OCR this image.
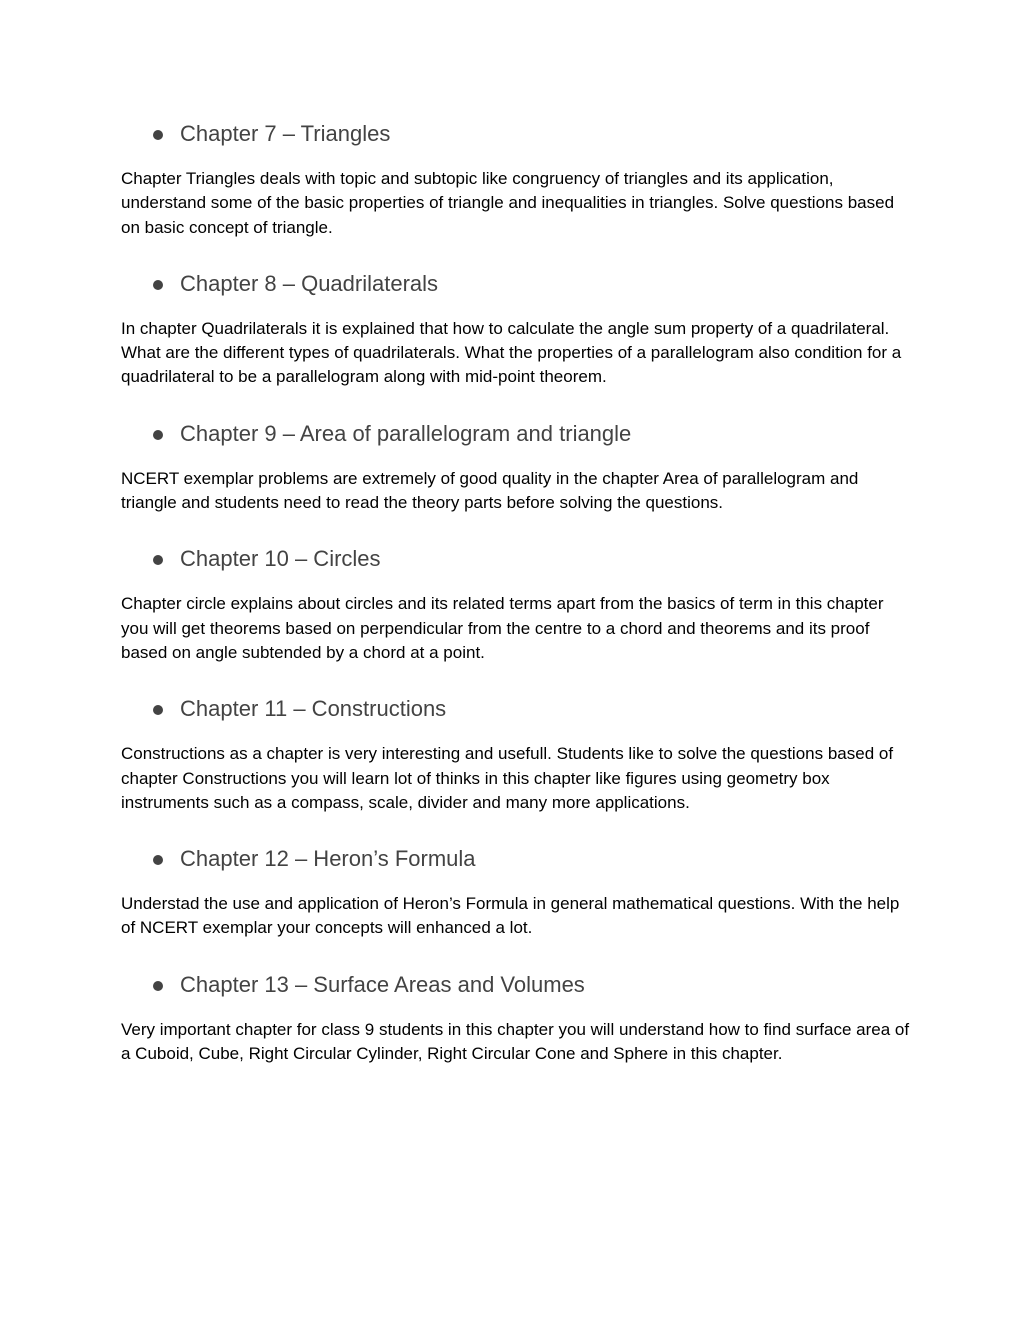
Chapter 7 – Triangles

Chapter Triangles deals with topic and subtopic like congruency of triangles and its application, understand some of the basic properties of triangle and inequalities in triangles. Solve questions based on basic concept of triangle.

Chapter 8 – Quadrilaterals

In chapter Quadrilaterals it is explained that how to calculate the angle sum property of a quadrilateral. What are the different types of quadrilaterals. What the properties of a parallelogram also condition for a quadrilateral to be a parallelogram along with mid-point theorem.

Chapter 9 – Area of parallelogram and triangle

NCERT exemplar problems are extremely of good quality in the chapter Area of parallelogram and triangle and students need to read the theory parts before solving the questions.

Chapter 10 – Circles

Chapter circle explains about circles and its related terms apart from the basics of term in this chapter you will get theorems based on perpendicular from the centre to a chord and theorems and its proof based on angle subtended by a chord at a point.

Chapter 11 – Constructions

Constructions as a chapter is very interesting and usefull. Students like to solve the questions based of chapter Constructions you will learn lot of thinks in this chapter like figures using geometry box instruments such as a compass, scale, divider and many more applications.

Chapter 12 – Heron’s Formula

Understad the use and application of Heron’s Formula in general mathematical questions. With the help of NCERT exemplar your concepts will enhanced a lot.

Chapter 13 – Surface Areas and Volumes

Very important chapter for class 9 students in this chapter you will understand how to find surface area of a Cuboid, Cube, Right Circular Cylinder, Right Circular Cone and Sphere in this chapter.
